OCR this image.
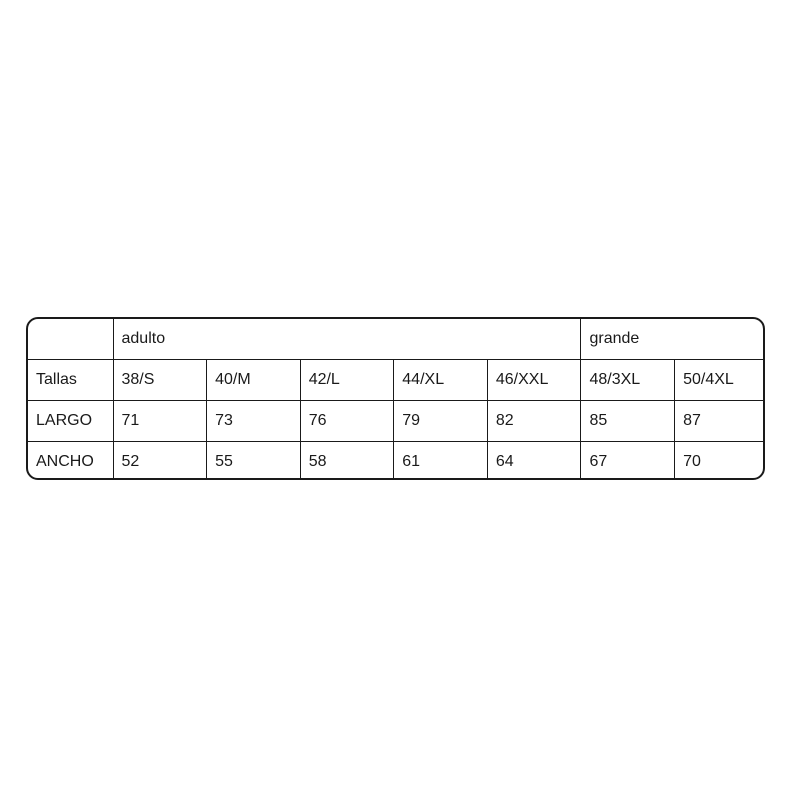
	adulto					grande	
Tallas	38/S	40/M	42/L	44/XL	46/XXL	48/3XL	50/4XL
LARGO	71	73	76	79	82	85	87
ANCHO	52	55	58	61	64	67	70
